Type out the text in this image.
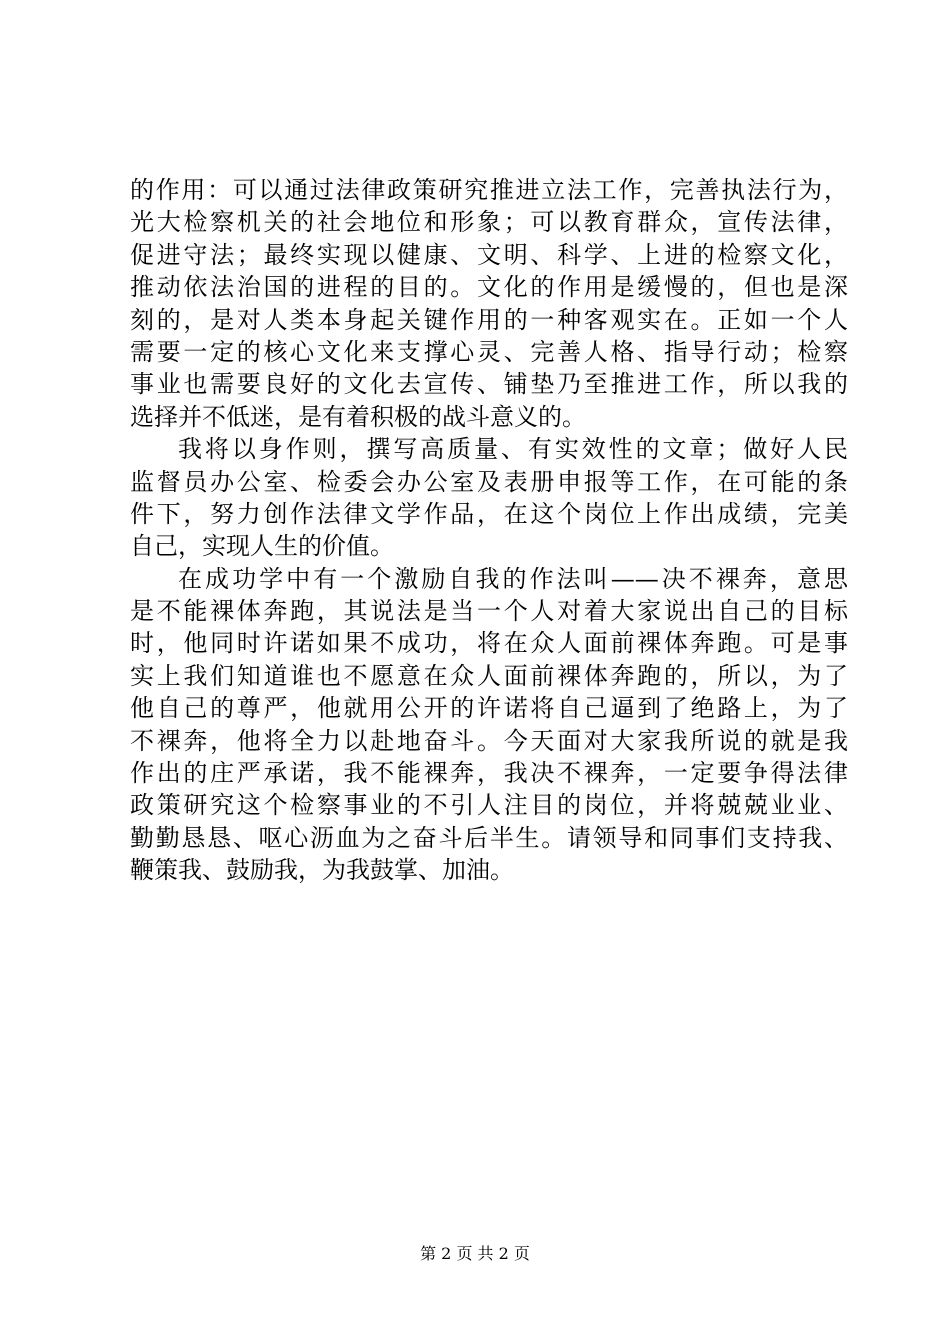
的作用：可以通过法律政策研究推进立法工作，完善执法行为，
光大检察机关的社会地位和形象；可以教育群众，宣传法律，
促进守法；最终实现以健康、文明、科学、上进的检察文化，
推动依法治国的进程的目的。文化的作用是缓慢的，但也是深
刻的，是对人类本身起关键作用的一种客观实在。正如一个人
需要一定的核心文化来支撑心灵、完善人格、指导行动；检察
事业也需要良好的文化去宣传、铺垫乃至推进工作，所以我的
选择并不低迷，是有着积极的战斗意义的。
我将以身作则，撰写高质量、有实效性的文章；做好人民
监督员办公室、检委会办公室及表册申报等工作，在可能的条
件下，努力创作法律文学作品，在这个岗位上作出成绩，完美
自己，实现人生的价值。
在成功学中有一个激励自我的作法叫——决不裸奔，意思
是不能裸体奔跑，其说法是当一个人对着大家说出自己的目标
时，他同时许诺如果不成功，将在众人面前裸体奔跑。可是事
实上我们知道谁也不愿意在众人面前裸体奔跑的，所以，为了
他自己的尊严，他就用公开的许诺将自己逼到了绝路上，为了
不裸奔，他将全力以赴地奋斗。今天面对大家我所说的就是我
作出的庄严承诺，我不能裸奔，我决不裸奔，一定要争得法律
政策研究这个检察事业的不引人注目的岗位，并将兢兢业业、
勤勤恳恳、呕心沥血为之奋斗后半生。请领导和同事们支持我、
鞭策我、鼓励我，为我鼓掌、加油。
第 2 页 共 2 页
